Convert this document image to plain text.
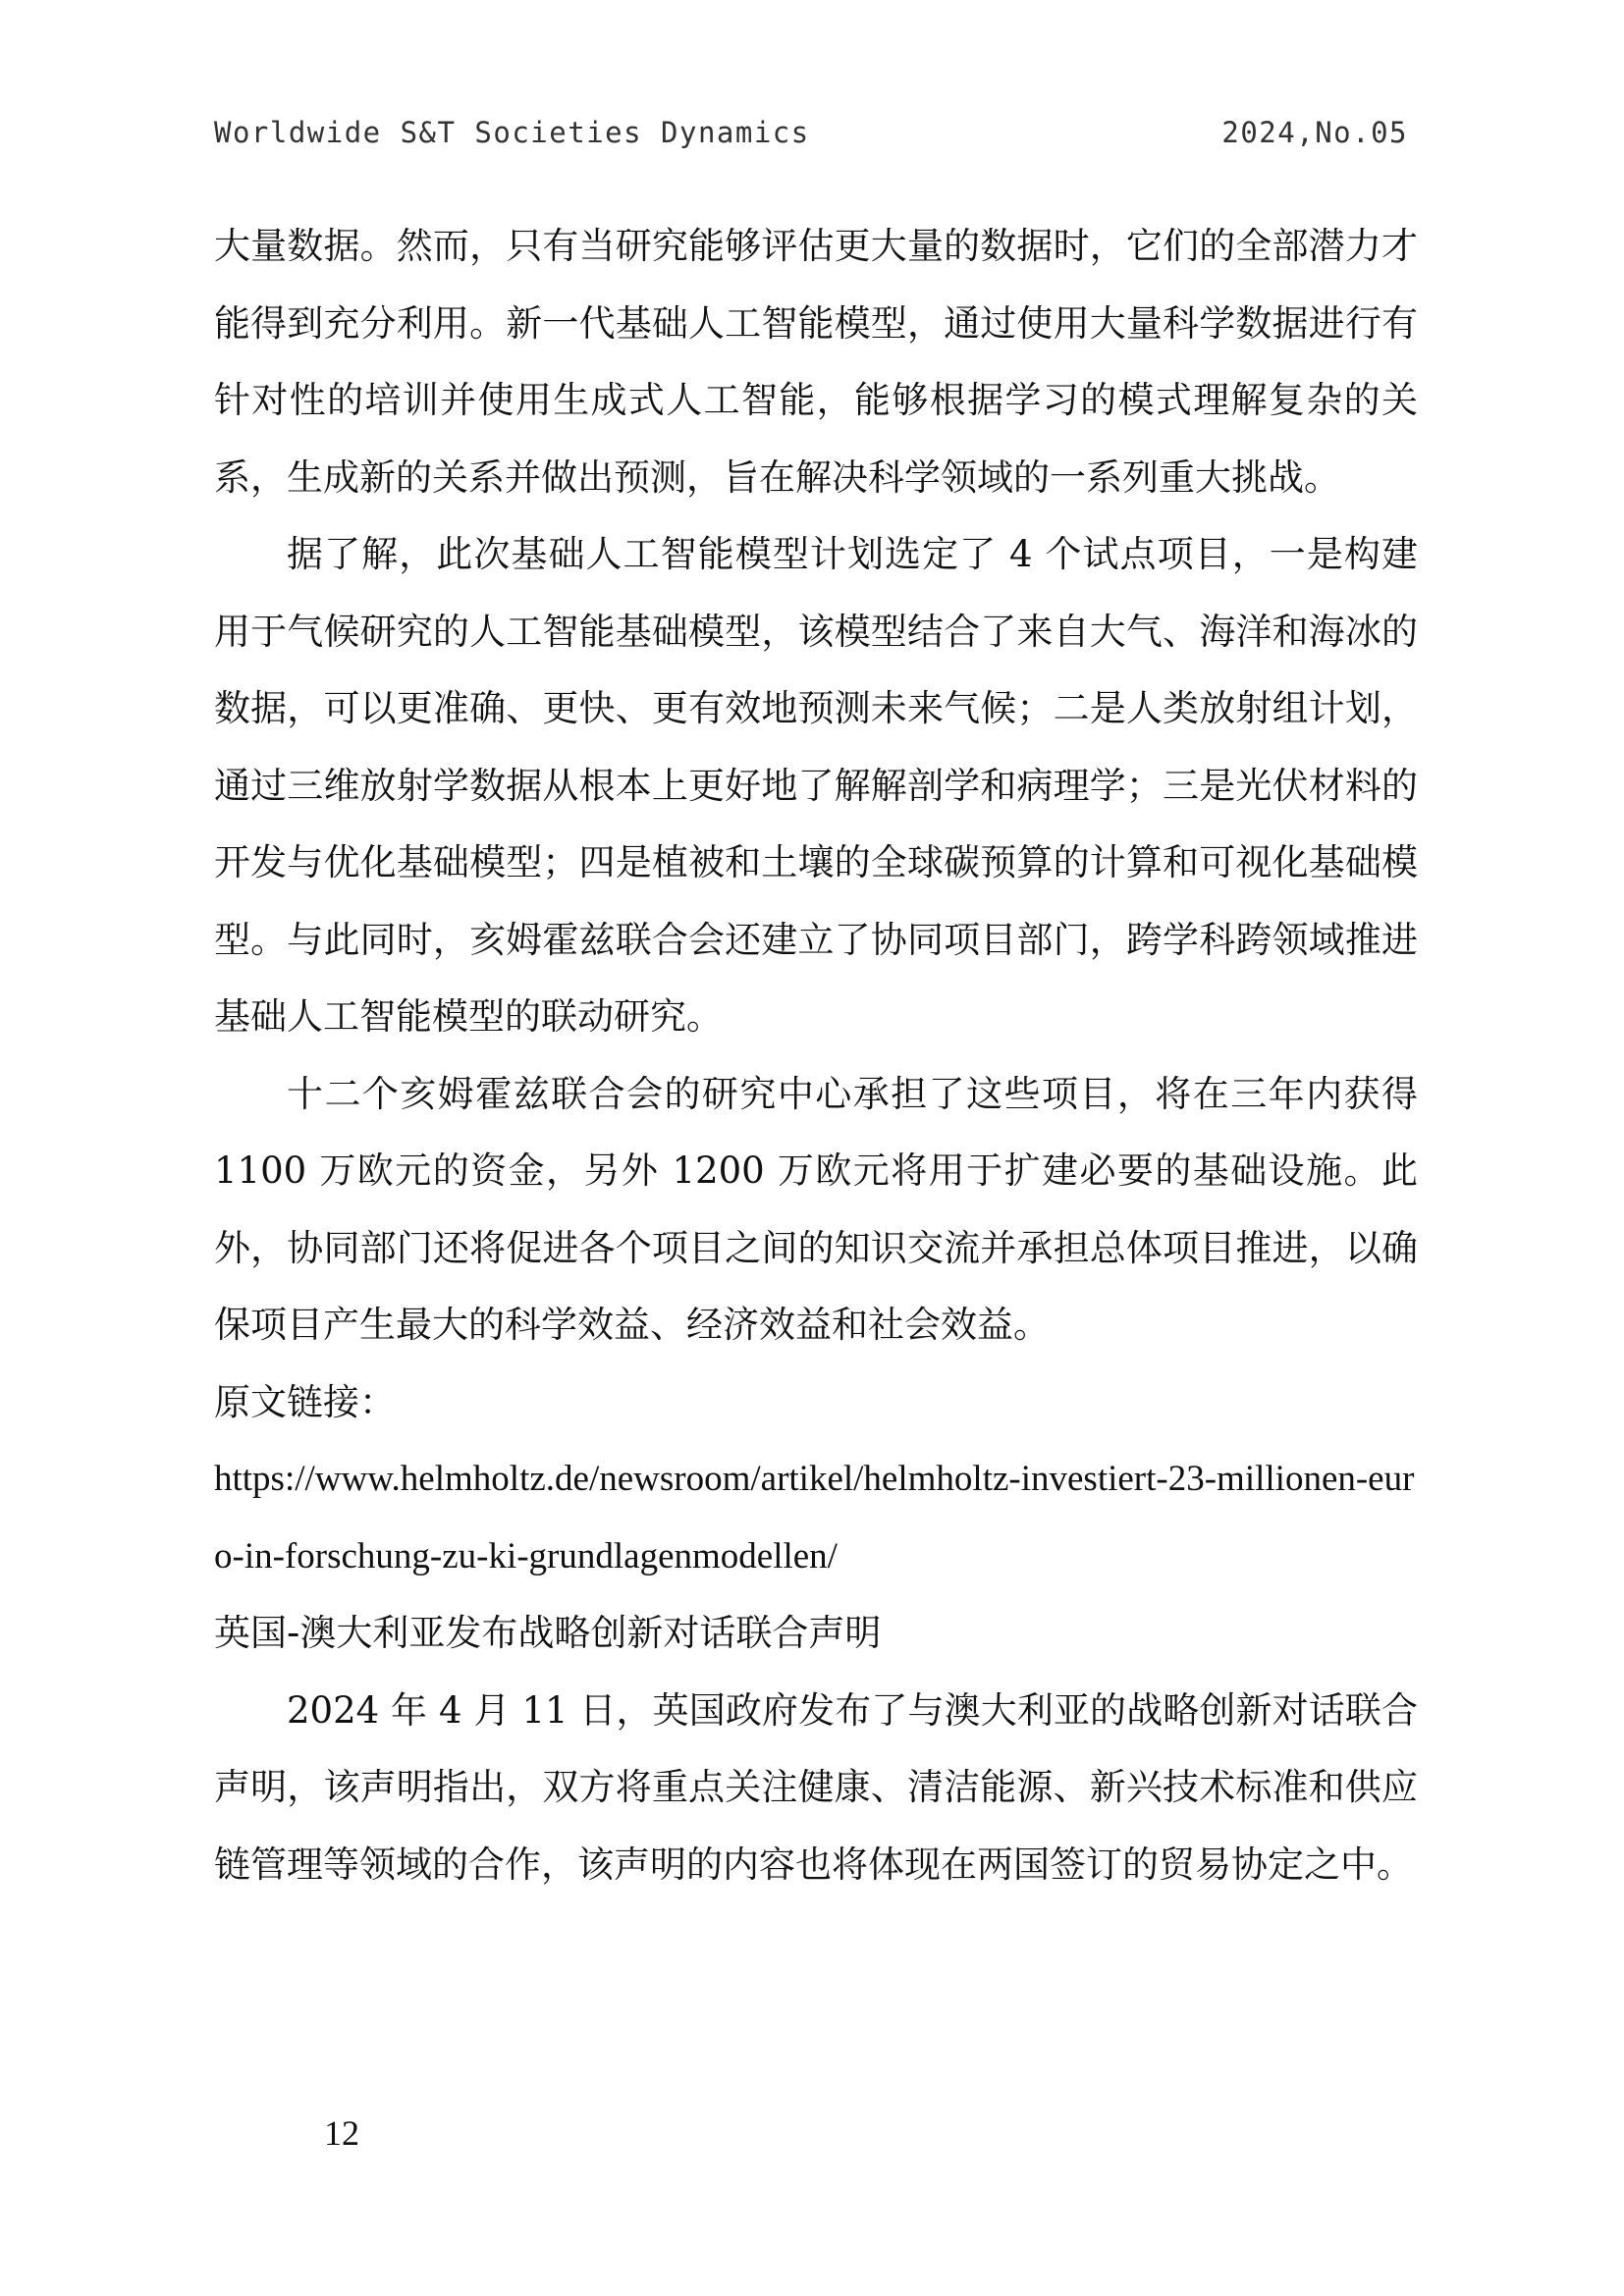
Worldwide S&T Societies Dynamics	2024,No.05

大量数据。然而，只有当研究能够评估更大量的数据时，它们的全部潜力才能得到充分利用。新一代基础人工智能模型，通过使用大量科学数据进行有针对性的培训并使用生成式人工智能，能够根据学习的模式理解复杂的关系，生成新的关系并做出预测，旨在解决科学领域的一系列重大挑战。

据了解，此次基础人工智能模型计划选定了 4 个试点项目，一是构建用于气候研究的人工智能基础模型，该模型结合了来自大气、海洋和海冰的数据，可以更准确、更快、更有效地预测未来气候；二是人类放射组计划，通过三维放射学数据从根本上更好地了解解剖学和病理学；三是光伏材料的开发与优化基础模型；四是植被和土壤的全球碳预算的计算和可视化基础模型。与此同时，亥姆霍兹联合会还建立了协同项目部门，跨学科跨领域推进基础人工智能模型的联动研究。

十二个亥姆霍兹联合会的研究中心承担了这些项目，将在三年内获得 1100 万欧元的资金，另外 1200 万欧元将用于扩建必要的基础设施。此外，协同部门还将促进各个项目之间的知识交流并承担总体项目推进，以确保项目产生最大的科学效益、经济效益和社会效益。

原文链接：

https://www.helmholtz.de/newsroom/artikel/helmholtz-investiert-23-millionen-euro-in-forschung-zu-ki-grundlagenmodellen/

英国-澳大利亚发布战略创新对话联合声明

2024 年 4 月 11 日，英国政府发布了与澳大利亚的战略创新对话联合声明，该声明指出，双方将重点关注健康、清洁能源、新兴技术标准和供应链管理等领域的合作，该声明的内容也将体现在两国签订的贸易协定之中。

12
